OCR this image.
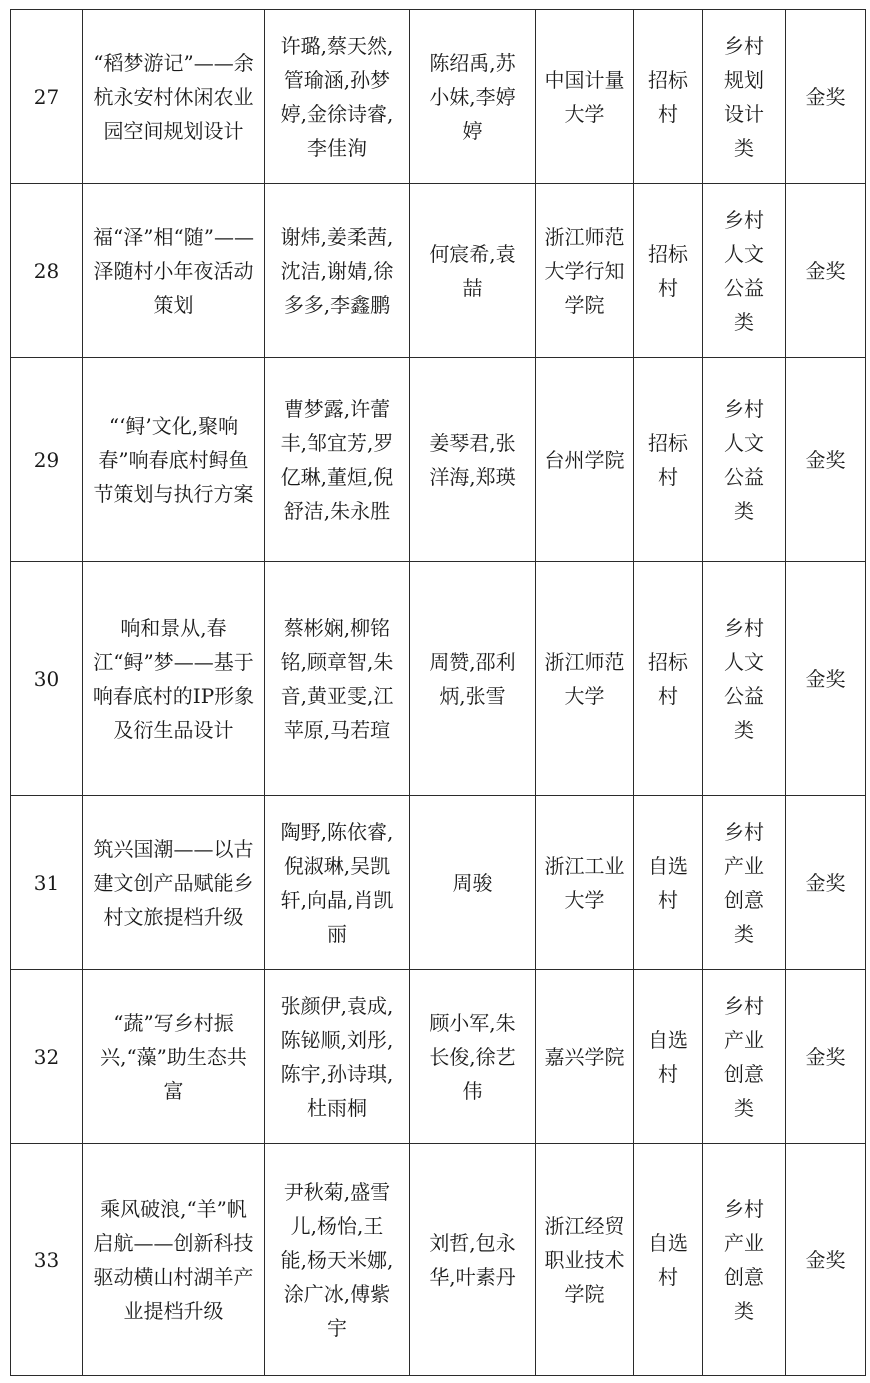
27	“稻梦游记”——余杭永安村休闲农业园空间规划设计	许璐,蔡天然,管瑜涵,孙梦婷,金徐诗睿,李佳洵	陈绍禹,苏小妹,李婷婷	中国计量大学	招标村	乡村规划设计类	金奖

28	福“泽”相“随”——泽随村小年夜活动策划	谢炜,姜柔茜,沈洁,谢婧,徐多多,李鑫鹏	何宸希,袁喆	浙江师范大学行知学院	招标村	乡村人文公益类	金奖

29	“‘鲟’文化,聚响春”响春底村鲟鱼节策划与执行方案	曹梦露,许蕾丰,邹宜芳,罗亿琳,董烜,倪舒洁,朱永胜	姜琴君,张洋海,郑瑛	台州学院	招标村	乡村人文公益类	金奖

30	响和景从,春江“鲟”梦——基于响春底村的IP形象及衍生品设计	蔡彬娴,柳铭铭,顾章智,朱音,黄亚雯,江苹原,马若瑄	周赞,邵利炳,张雪	浙江师范大学	招标村	乡村人文公益类	金奖

31	筑兴国潮——以古建文创产品赋能乡村文旅提档升级	陶野,陈依睿,倪淑琳,吴凯轩,向晶,肖凯丽	周骏	浙江工业大学	自选村	乡村产业创意类	金奖

32	“蔬”写乡村振兴,“藻”助生态共富	张颜伊,袁成,陈铋顺,刘彤,陈宇,孙诗琪,杜雨桐	顾小军,朱长俊,徐艺伟	嘉兴学院	自选村	乡村产业创意类	金奖

33	乘风破浪,“羊”帆启航——创新科技驱动横山村湖羊产业提档升级	尹秋菊,盛雪儿,杨怡,王能,杨天米娜,涂广冰,傅紫宇	刘哲,包永华,叶素丹	浙江经贸职业技术学院	自选村	乡村产业创意类	金奖
